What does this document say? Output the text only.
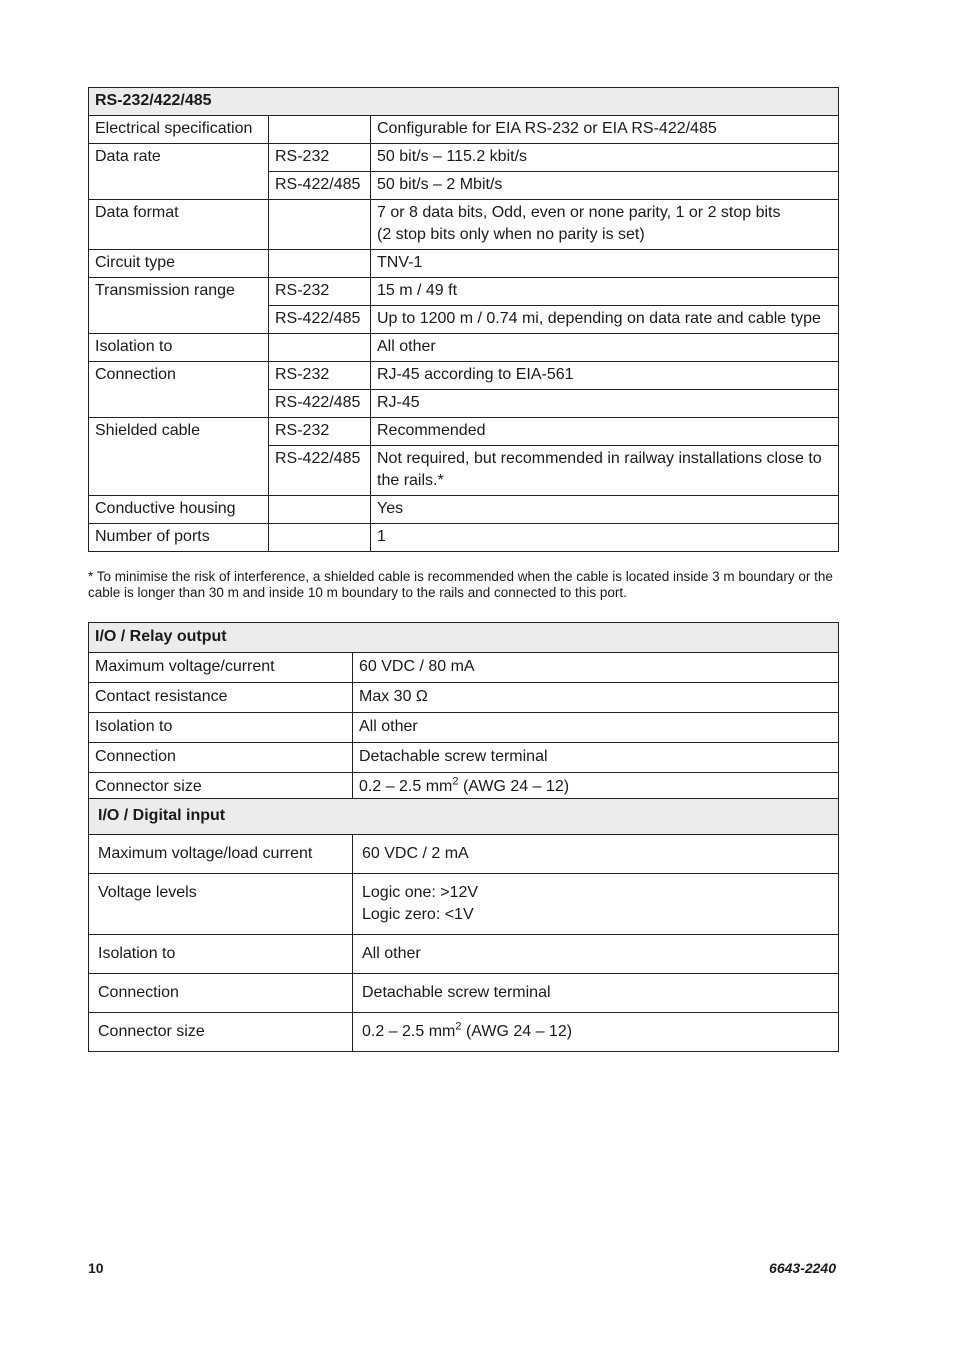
RS-232/422/485		
Electrical specification		Configurable for EIA RS-232 or EIA RS-422/485
Data rate	RS-232	50 bit/s – 115.2 kbit/s
	RS-422/485	50 bit/s – 2 Mbit/s
Data format		7 or 8 data bits, Odd, even or none parity, 1 or 2 stop bits
(2 stop bits only when no parity is set)

Circuit type		TNV-1
Transmission range	RS-232	15 m / 49 ft
	RS-422/485	Up to 1200 m / 0.74 mi, depending on data rate and cable type
Isolation to		All other
Connection	RS-232	RJ-45 according to EIA-561
	RS-422/485	RJ-45
Shielded cable	RS-232	Recommended
	RS-422/485	Not required, but recommended in railway installations close to the rails.*
Conductive housing		Yes
Number of ports		1
* To minimise the risk of interference, a shielded cable is recommended when the cable is located inside 3 m boundary or the cable is longer than 30 m and inside 10 m boundary to the rails and connected to this port.
I/O / Relay output	
Maximum voltage/current	60 VDC / 80 mA
Contact resistance	Max 30 Ω
Isolation to	All other
Connection	Detachable screw terminal
Connector size	0.2 – 2.5 $mm^2$ (AWG 24 – 12)
I/O / Digital input	
Maximum voltage/load current	60 VDC / 2 mA
Voltage levels	Logic one: >12V
Logic zero: <1V

Isolation to	All other
Connection	Detachable screw terminal
Connector size	0.2 – 2.5 $mm^2$ (AWG 24 – 12)
10	6643-2240
